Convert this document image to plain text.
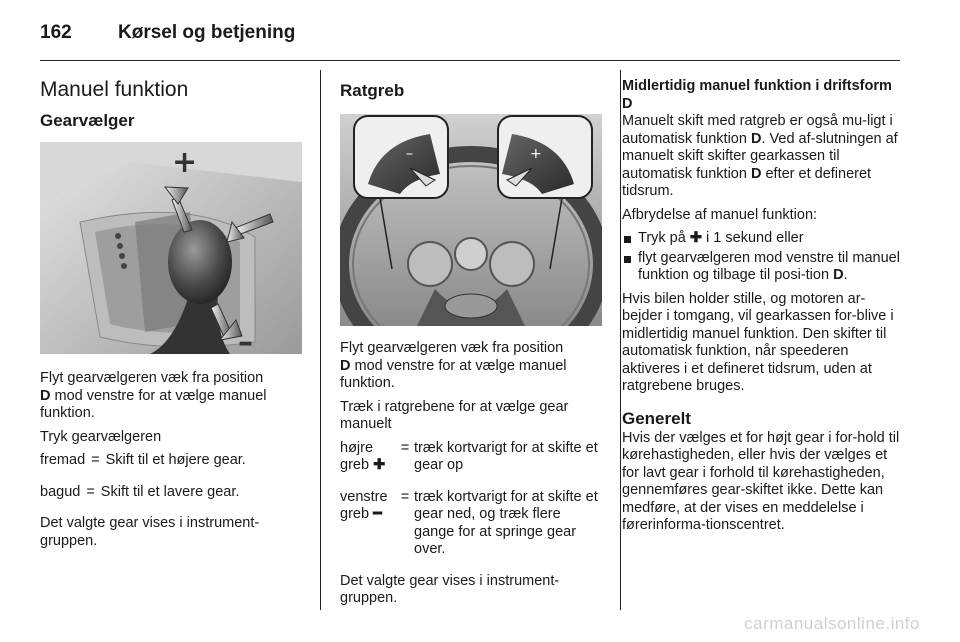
162 Kørsel og betjening
Manuel funktion
Gearvælger
+
–

Flyt gearvælgeren væk fra position
D mod venstre for at vælge manuel funktion.

Tryk gearvælgeren

fremad = Skift til et højere gear.
bagud = Skift til et lavere gear.

Det valgte gear vises i instrument-gruppen.

Ratgreb
–	+

Flyt gearvælgeren væk fra position
D mod venstre for at vælge manuel funktion.

Træk i ratgrebene for at vælge gear manuelt

højre greb ✚
= træk kortvarigt for at skifte et gear op
venstre greb ━
= træk kortvarigt for at skifte et gear ned, og træk flere gange for at springe gear over.

Det valgte gear vises i instrument-gruppen.

Midlertidig manuel funktion i driftsform D

Manuelt skift med ratgreb er også mu-ligt i automatisk funktion D. Ved af-slutningen af manuelt skift skifter gearkassen til automatisk funktion D efter et defineret tidsrum.

Afbrydelse af manuel funktion:

Tryk på ✚ i 1 sekund eller
flyt gearvælgeren mod venstre til manuel funktion og tilbage til posi-tion D.

Hvis bilen holder stille, og motoren ar-bejder i tomgang, vil gearkassen for-blive i midlertidig manuel funktion. Den skifter til automatisk funktion, når speederen aktiveres i et defineret tidsrum, uden at ratgrebene bruges.

Generelt

Hvis der vælges et for højt gear i for-hold til kørehastigheden, eller hvis der vælges et for lavt gear i forhold til kørehastigheden, gennemføres gear-skiftet ikke. Dette kan medføre, at der vises en meddelelse i førerinforma-tionscentret.

carmanualsonline.info
